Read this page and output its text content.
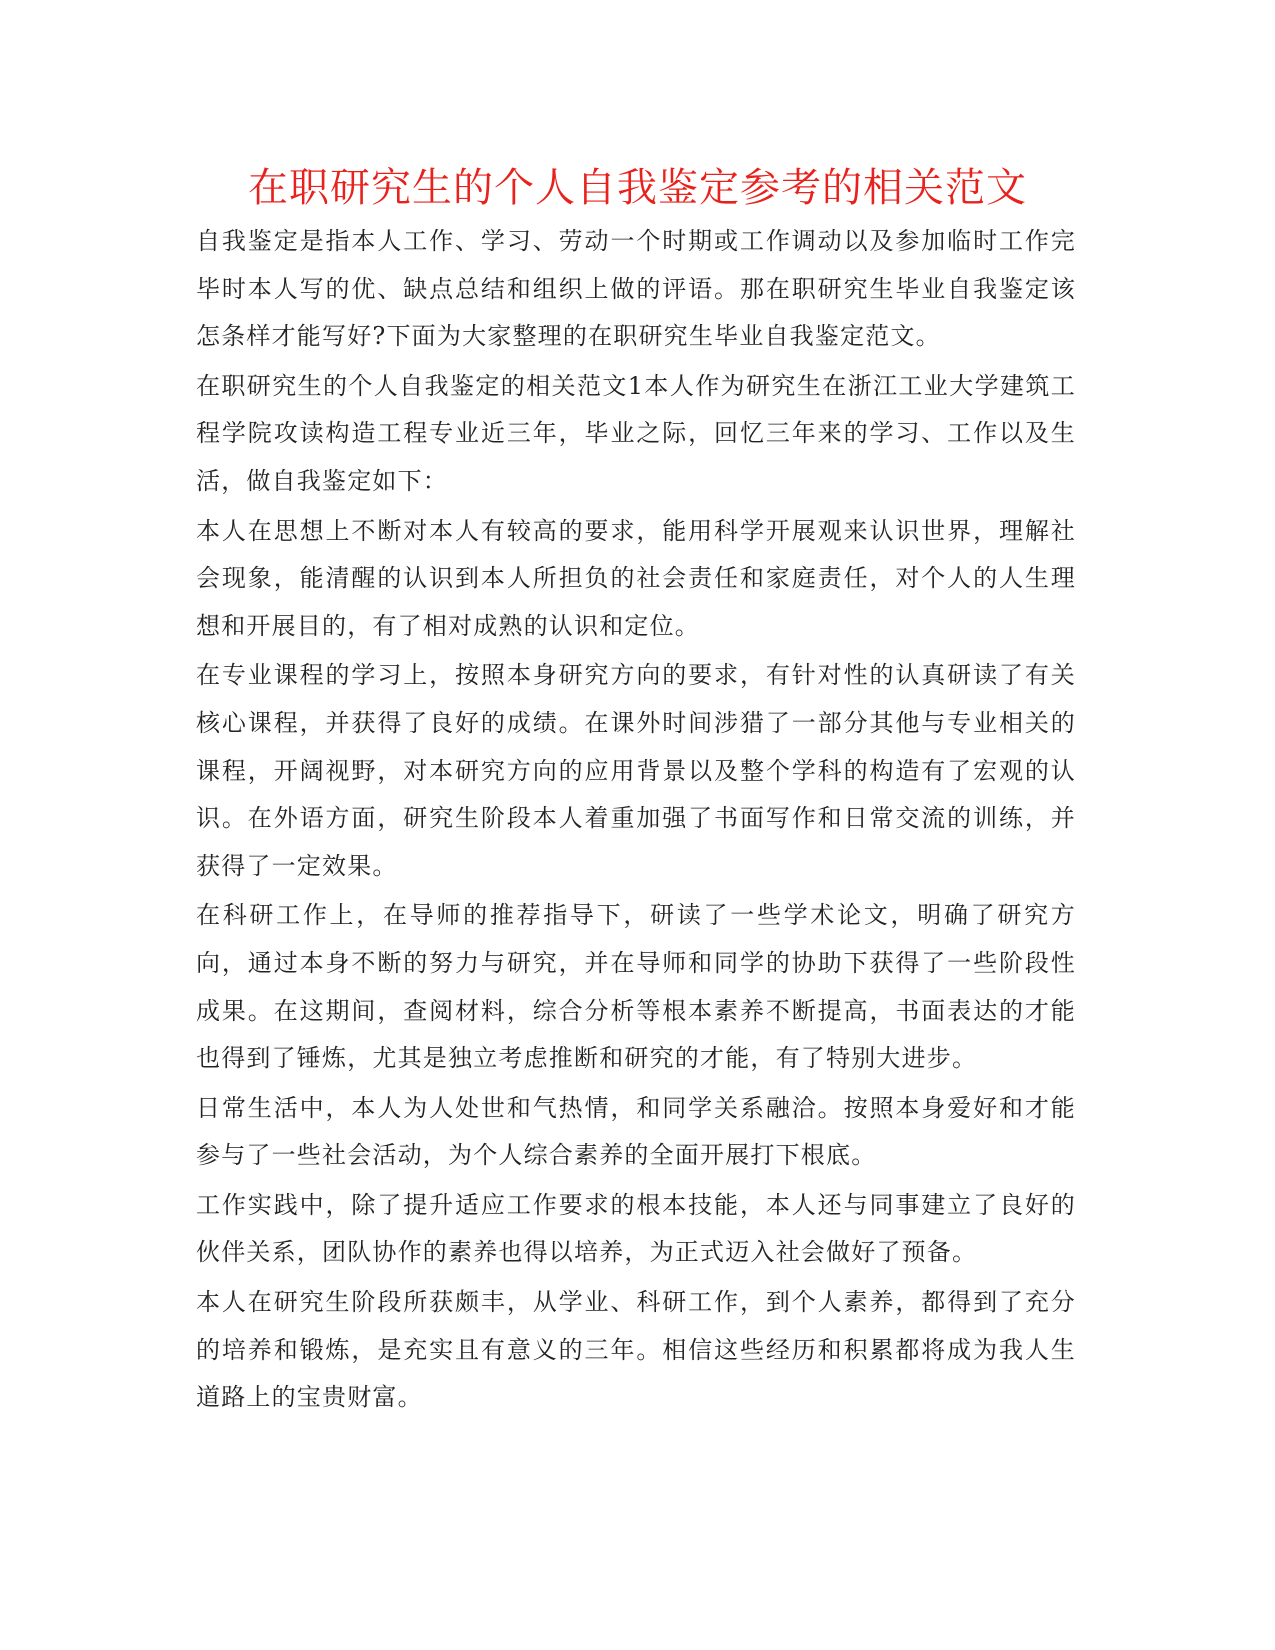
在职研究生的个人自我鉴定参考的相关范文

自我鉴定是指本人工作、学习、劳动一个时期或工作调动以及参加临时工作完毕时本人写的优、缺点总结和组织上做的评语。那在职研究生毕业自我鉴定该怎条样才能写好?下面为大家整理的在职研究生毕业自我鉴定范文。

在职研究生的个人自我鉴定的相关范文1本人作为研究生在浙江工业大学建筑工程学院攻读构造工程专业近三年，毕业之际，回忆三年来的学习、工作以及生活，做自我鉴定如下：

本人在思想上不断对本人有较高的要求，能用科学开展观来认识世界，理解社会现象，能清醒的认识到本人所担负的社会责任和家庭责任，对个人的人生理想和开展目的，有了相对成熟的认识和定位。

在专业课程的学习上，按照本身研究方向的要求，有针对性的认真研读了有关核心课程，并获得了良好的成绩。在课外时间涉猎了一部分其他与专业相关的课程，开阔视野，对本研究方向的应用背景以及整个学科的构造有了宏观的认识。在外语方面，研究生阶段本人着重加强了书面写作和日常交流的训练，并获得了一定效果。

在科研工作上，在导师的推荐指导下，研读了一些学术论文，明确了研究方向，通过本身不断的努力与研究，并在导师和同学的协助下获得了一些阶段性成果。在这期间，查阅材料，综合分析等根本素养不断提高，书面表达的才能也得到了锤炼，尤其是独立考虑推断和研究的才能，有了特别大进步。

日常生活中，本人为人处世和气热情，和同学关系融洽。按照本身爱好和才能参与了一些社会活动，为个人综合素养的全面开展打下根底。

工作实践中，除了提升适应工作要求的根本技能，本人还与同事建立了良好的伙伴关系，团队协作的素养也得以培养，为正式迈入社会做好了预备。

本人在研究生阶段所获颇丰，从学业、科研工作，到个人素养，都得到了充分的培养和锻炼，是充实且有意义的三年。相信这些经历和积累都将成为我人生道路上的宝贵财富。
